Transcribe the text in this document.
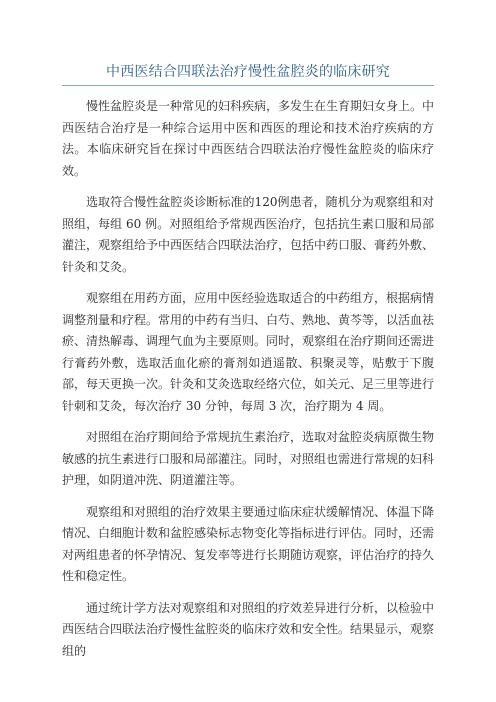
中西医结合四联法治疗慢性盆腔炎的临床研究

慢性盆腔炎是一种常见的妇科疾病，多发生在生育期妇女身上。中西医结合治疗是一种综合运用中医和西医的理论和技术治疗疾病的方法。本临床研究旨在探讨中西医结合四联法治疗慢性盆腔炎的临床疗效。

选取符合慢性盆腔炎诊断标准的120例患者，随机分为观察组和对照组，每组 60 例。对照组给予常规西医治疗，包括抗生素口服和局部灌注，观察组给予中西医结合四联法治疗，包括中药口服、膏药外敷、针灸和艾灸。

观察组在用药方面，应用中医经验选取适合的中药组方，根据病情调整剂量和疗程。常用的中药有当归、白芍、熟地、黄芩等，以活血祛瘀、清热解毒、调理气血为主要原则。同时，观察组在治疗期间还需进行膏药外敷，选取活血化瘀的膏剂如逍遥散、积聚灵等，贴敷于下腹部，每天更换一次。针灸和艾灸选取经络穴位，如关元、足三里等进行针刺和艾灸，每次治疗 30 分钟，每周 3 次，治疗期为 4 周。

对照组在治疗期间给予常规抗生素治疗，选取对盆腔炎病原微生物敏感的抗生素进行口服和局部灌注。同时，对照组也需进行常规的妇科护理，如阴道冲洗、阴道灌注等。

观察组和对照组的治疗效果主要通过临床症状缓解情况、体温下降情况、白细胞计数和盆腔感染标志物变化等指标进行评估。同时，还需对两组患者的怀孕情况、复发率等进行长期随访观察，评估治疗的持久性和稳定性。

通过统计学方法对观察组和对照组的疗效差异进行分析，以检验中西医结合四联法治疗慢性盆腔炎的临床疗效和安全性。结果显示，观察组的
